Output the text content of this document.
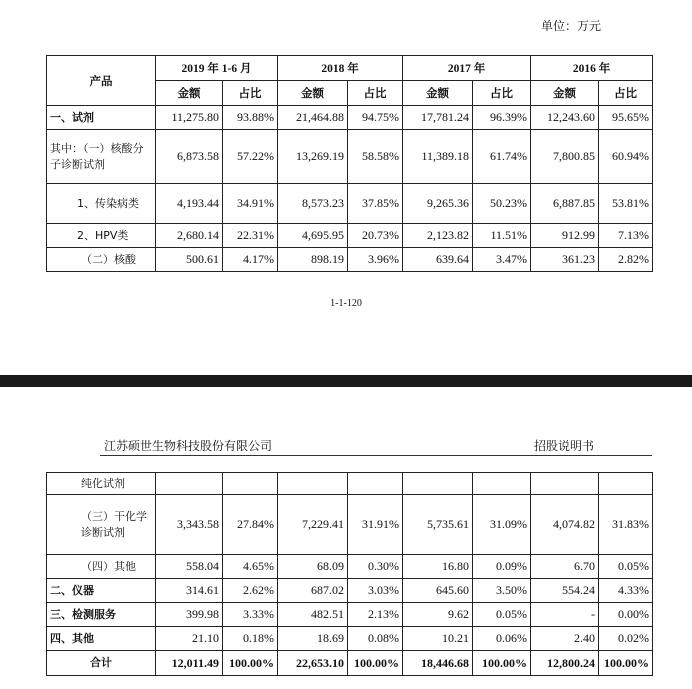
单位：万元
产品	2019 年 1-6 月		2018 年		2017 年		2016 年	
	金额	占比	金额	占比	金额	占比	金额	占比
一、试剂	11,275.80	93.88%	21,464.88	94.75%	17,781.24	96.39%	12,243.60	95.65%
其中：（一）核酸分子诊断试剂	6,873.58	57.22%	13,269.19	58.58%	11,389.18	61.74%	7,800.85	60.94%
1、传染病类	4,193.44	34.91%	8,573.23	37.85%	9,265.36	50.23%	6,887.85	53.81%
2、HPV类	2,680.14	22.31%	4,695.95	20.73%	2,123.82	11.51%	912.99	7.13%
（二）核酸	500.61	4.17%	898.19	3.96%	639.64	3.47%	361.23	2.82%
1-1-120
江苏硕世生物科技股份有限公司	招股说明书
纯化试剂								
（三）干化学诊断试剂	3,343.58	27.84%	7,229.41	31.91%	5,735.61	31.09%	4,074.82	31.83%
（四）其他	558.04	4.65%	68.09	0.30%	16.80	0.09%	6.70	0.05%
二、仪器	314.61	2.62%	687.02	3.03%	645.60	3.50%	554.24	4.33%
三、检测服务	399.98	3.33%	482.51	2.13%	9.62	0.05%	-	0.00%
四、其他	21.10	0.18%	18.69	0.08%	10.21	0.06%	2.40	0.02%
合计	12,011.49	100.00%	22,653.10	100.00%	18,446.68	100.00%	12,800.24	100.00%
